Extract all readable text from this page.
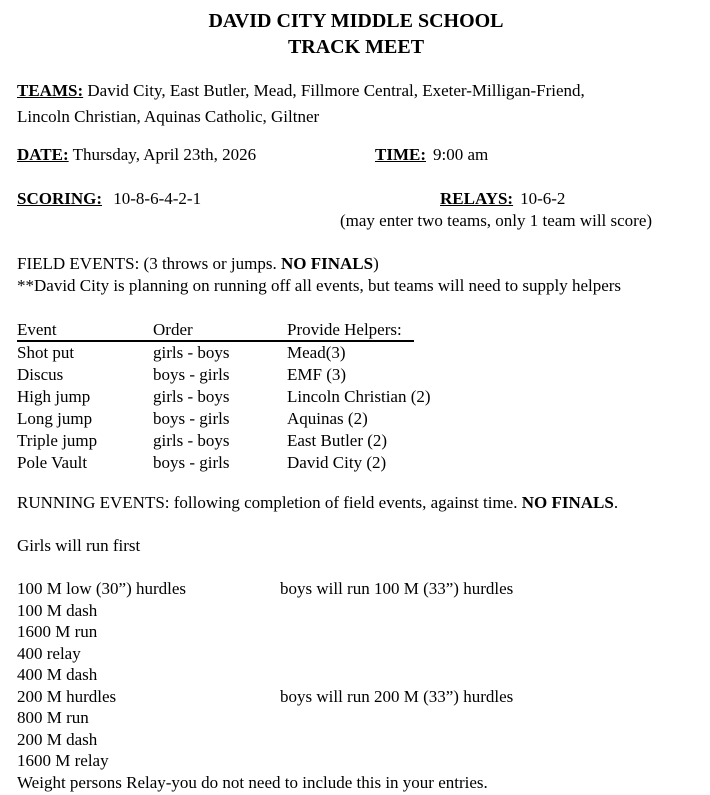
DAVID CITY MIDDLE SCHOOL
TRACK MEET
TEAMS: David City, East Butler, Mead, Fillmore Central, Exeter-Milligan-Friend,
Lincoln Christian, Aquinas Catholic, Giltner
DATE: Thursday, April 23th, 2026	TIME: 9:00 am
SCORING: 10-8-6-4-2-1	RELAYS: 10-6-2
(may enter two teams, only 1 team will score)
FIELD EVENTS: (3 throws or jumps. NO FINALS)
**David City is planning on running off all events, but teams will need to supply helpers
Event	Order	Provide Helpers:
Shot put	girls - boys	Mead(3)
Discus	boys - girls	EMF (3)
High jump	girls - boys	Lincoln Christian (2)
Long jump	boys - girls	Aquinas (2)
Triple jump	girls - boys	East Butler (2)
Pole Vault	boys - girls	David City (2)
RUNNING EVENTS: following completion of field events, against time. NO FINALS.
Girls will run first
100 M low (30”) hurdles	boys will run 100 M (33”) hurdles
100 M dash
1600 M run
400 relay
400 M dash
200 M hurdles	boys will run 200 M (33”) hurdles
800 M run
200 M dash
1600 M relay
Weight persons Relay-you do not need to include this in your entries.
